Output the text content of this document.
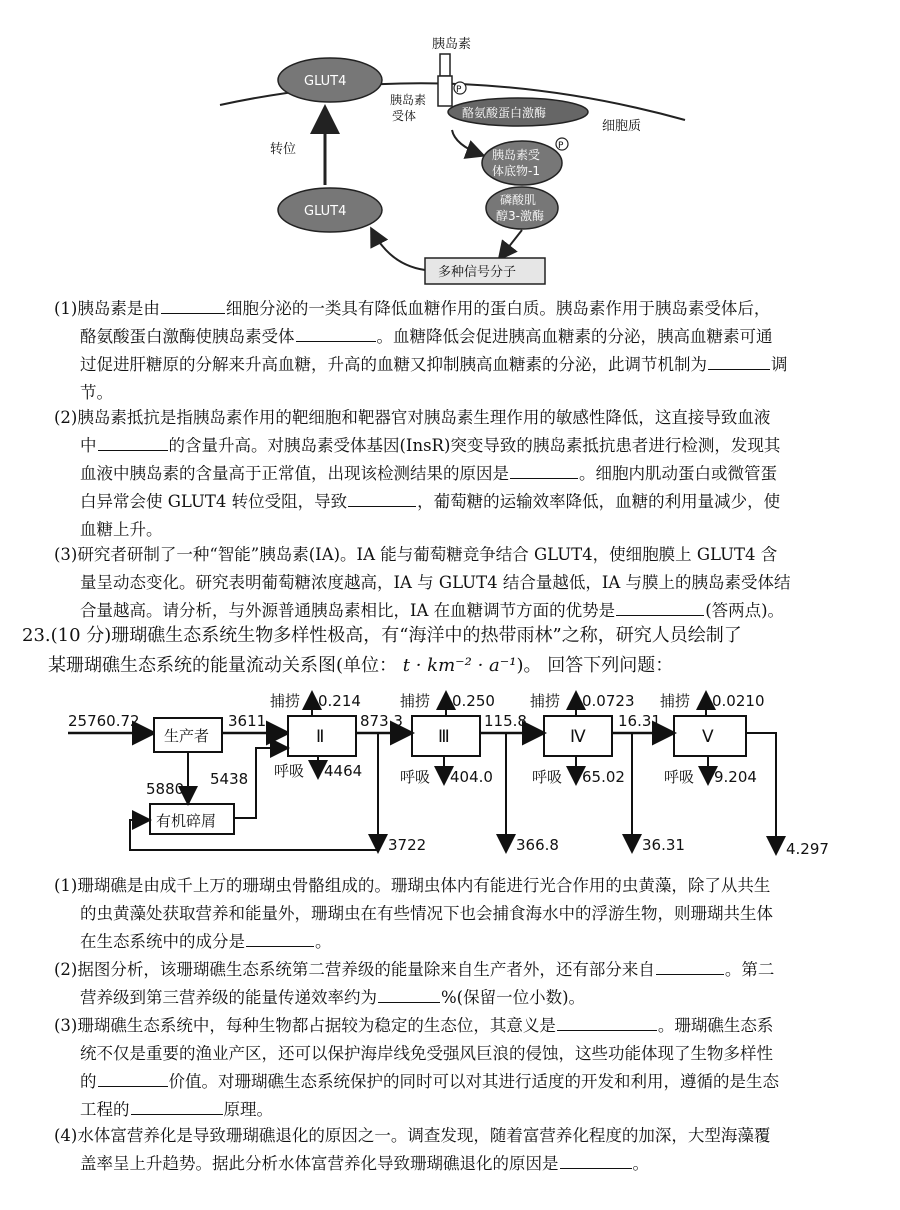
胰岛素
P
GLUT4
胰岛素
受体	酪氨酸蛋白激酶
细胞质
胰岛素受
体底物-1
P
磷酸肌
醇3-激酶
多种信号分子
GLUT4
转位
(1)胰岛素是由	细胞分泌的一类具有降低血糖作用的蛋白质。胰岛素作用于胰岛素受体后，
酪氨酸蛋白激酶使胰岛素受体	。血糖降低会促进胰高血糖素的分泌，胰高血糖素可通
过促进肝糖原的分解来升高血糖，升高的血糖又抑制胰高血糖素的分泌，此调节机制为	调
节。
(2)胰岛素抵抗是指胰岛素作用的靶细胞和靶器官对胰岛素生理作用的敏感性降低，这直接导致血液
中	的含量升高。对胰岛素受体基因(InsR)突变导致的胰岛素抵抗患者进行检测，发现其
血液中胰岛素的含量高于正常值，出现该检测结果的原因是	。细胞内肌动蛋白或微管蛋
白异常会使 GLUT4 转位受阻，导致	，葡萄糖的运输效率降低，血糖的利用量减少，使
血糖上升。
(3)研究者研制了一种“智能”胰岛素(IA)。IA 能与葡萄糖竞争结合 GLUT4，使细胞膜上 GLUT4 含
量呈动态变化。研究表明葡萄糖浓度越高，IA 与 GLUT4 结合量越低，IA 与膜上的胰岛素受体结
合量越高。请分析，与外源普通胰岛素相比，IA 在血糖调节方面的优势是	(答两点)。
23.(10 分)珊瑚礁生态系统生物多样性极高，有“海洋中的热带雨林”之称，研究人员绘制了
某珊瑚礁生态系统的能量流动关系图(单位： t · km⁻² · a⁻¹)。 回答下列问题：
25760.72
生产者
3611
Ⅱ	Ⅲ	Ⅳ	Ⅴ
873.3	115.8	16.31
捕捞 0.214	捕捞 0.250 捕捞 0.0723 捕捞 0.0210
呼吸 4464	呼吸 404.0	呼吸 65.02	呼吸 9.204
有机碎屑
5880
5438
3722	366.8	36.31	4.297
(1)珊瑚礁是由成千上万的珊瑚虫骨骼组成的。珊瑚虫体内有能进行光合作用的虫黄藻，除了从共生
的虫黄藻处获取营养和能量外，珊瑚虫在有些情况下也会捕食海水中的浮游生物，则珊瑚共生体
在生态系统中的成分是	。
(2)据图分析，该珊瑚礁生态系统第二营养级的能量除来自生产者外，还有部分来自	。第二
营养级到第三营养级的能量传递效率约为	%(保留一位小数)。
(3)珊瑚礁生态系统中，每种生物都占据较为稳定的生态位，其意义是	。珊瑚礁生态系
统不仅是重要的渔业产区，还可以保护海岸线免受强风巨浪的侵蚀，这些功能体现了生物多样性
的	价值。对珊瑚礁生态系统保护的同时可以对其进行适度的开发和利用，遵循的是生态
工程的	原理。
(4)水体富营养化是导致珊瑚礁退化的原因之一。调查发现，随着富营养化程度的加深，大型海藻覆
盖率呈上升趋势。据此分析水体富营养化导致珊瑚礁退化的原因是	。
